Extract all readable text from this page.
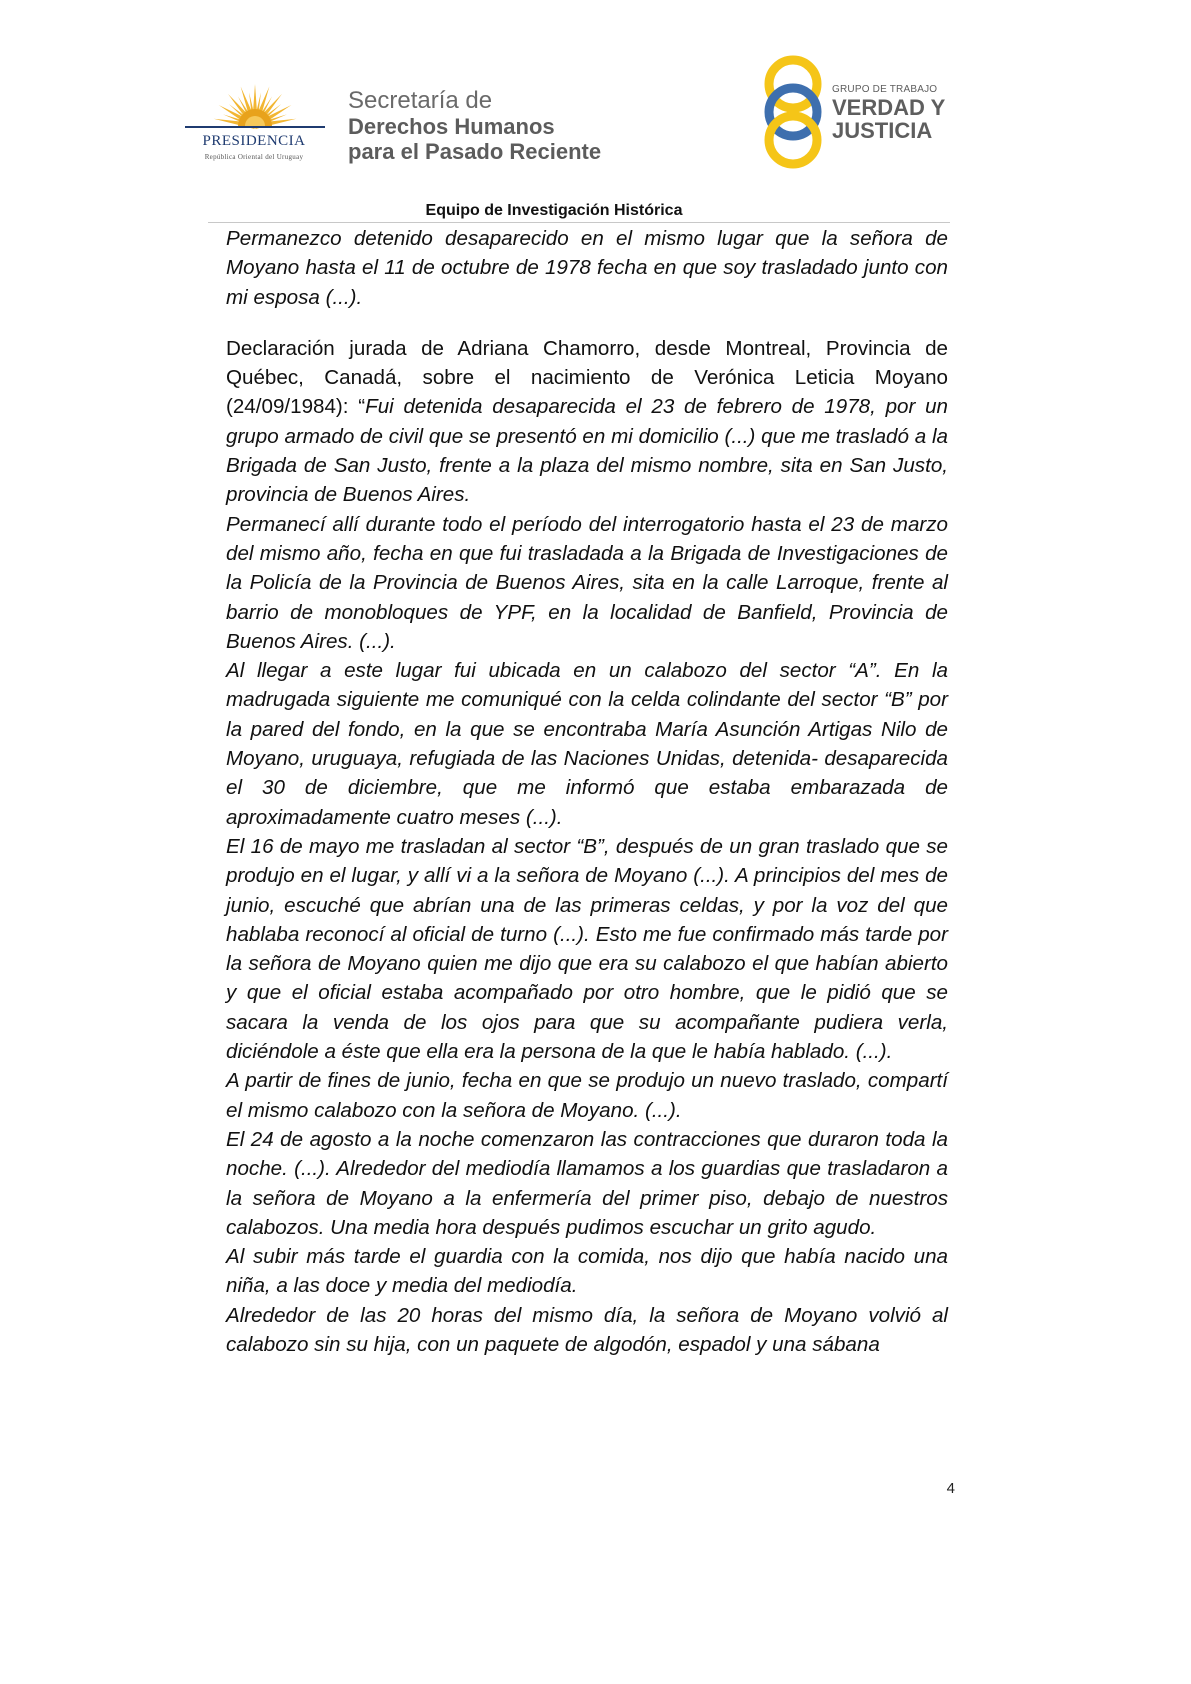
PRESIDENCIA
República Oriental del Uruguay
Secretaría de
Derechos Humanos
para el Pasado Reciente
GRUPO DE TRABAJO
VERDAD Y
JUSTICIA
Equipo de Investigación Histórica

Permanezco detenido desaparecido en el mismo lugar que la señora de Moyano hasta el 11 de octubre de 1978 fecha en que soy trasladado junto con mi esposa (...).

Declaración jurada de Adriana Chamorro, desde Montreal, Provincia de Québec, Canadá, sobre el nacimiento de Verónica Leticia Moyano (24/09/1984): “Fui detenida desaparecida el 23 de febrero de 1978, por un grupo armado de civil que se presentó en mi domicilio (...) que me trasladó a la Brigada de San Justo, frente a la plaza del mismo nombre, sita en San Justo, provincia de Buenos Aires.

Permanecí allí durante todo el período del interrogatorio hasta el 23 de marzo del mismo año, fecha en que fui trasladada a la Brigada de Investigaciones de la Policía de la Provincia de Buenos Aires, sita en la calle Larroque, frente al barrio de monobloques de YPF, en la localidad de Banfield, Provincia de Buenos Aires. (...).

Al llegar a este lugar fui ubicada en un calabozo del sector “A”. En la madrugada siguiente me comuniqué con la celda colindante del sector “B” por la pared del fondo, en la que se encontraba María Asunción Artigas Nilo de Moyano, uruguaya, refugiada de las Naciones Unidas, detenida- desaparecida el 30 de diciembre, que me informó que estaba embarazada de aproximadamente cuatro meses (...).

El 16 de mayo me trasladan al sector “B”, después de un gran traslado que se produjo en el lugar, y allí vi a la señora de Moyano (...). A principios del mes de junio, escuché que abrían una de las primeras celdas, y por la voz del que hablaba reconocí al oficial de turno (...). Esto me fue confirmado más tarde por la señora de Moyano quien me dijo que era su calabozo el que habían abierto y que el oficial estaba acompañado por otro hombre, que le pidió que se sacara la venda de los ojos para que su acompañante pudiera verla, diciéndole a éste que ella era la persona de la que le había hablado. (...).

A partir de fines de junio, fecha en que se produjo un nuevo traslado, compartí el mismo calabozo con la señora de Moyano. (...).

El 24 de agosto a la noche comenzaron las contracciones que duraron toda la noche. (...). Alrededor del mediodía llamamos a los guardias que trasladaron a la señora de Moyano a la enfermería del primer piso, debajo de nuestros calabozos. Una media hora después pudimos escuchar un grito agudo.

Al subir más tarde el guardia con la comida, nos dijo que había nacido una niña, a las doce y media del mediodía.

Alrededor de las 20 horas del mismo día, la señora de Moyano volvió al calabozo sin su hija, con un paquete de algodón, espadol y una sábana

4
